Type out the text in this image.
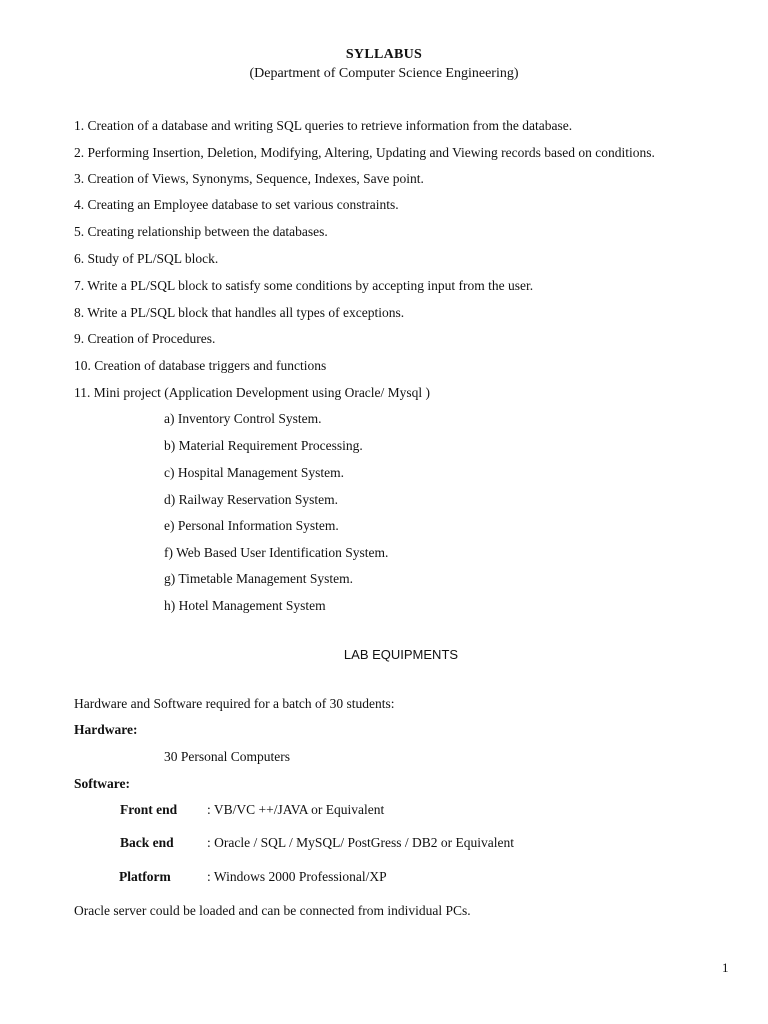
SYLLABUS
(Department of Computer Science Engineering)
1. Creation of a database and writing SQL queries to retrieve information from the database.
2. Performing Insertion, Deletion, Modifying, Altering, Updating and Viewing records based on conditions.
3. Creation of Views, Synonyms, Sequence, Indexes, Save point.
4. Creating an Employee database to set various constraints.
5. Creating relationship between the databases.
6. Study of PL/SQL block.
7. Write a PL/SQL block to satisfy some conditions by accepting input from the user.
8. Write a PL/SQL block that handles all types of exceptions.
9. Creation of Procedures.
10. Creation of database triggers and functions
11. Mini project (Application Development using Oracle/ Mysql )
a) Inventory Control System.
b) Material Requirement Processing.
c) Hospital Management System.
d) Railway Reservation System.
e) Personal Information System.
f) Web Based User Identification System.
g) Timetable Management System.
h) Hotel Management System
LAB EQUIPMENTS
Hardware and Software required for a batch of 30 students:
Hardware:
30 Personal Computers
Software:
Front end : VB/VC ++/JAVA or Equivalent
Back end : Oracle / SQL / MySQL/ PostGress / DB2 or Equivalent
Platform	: Windows 2000 Professional/XP
Oracle server could be loaded and can be connected from individual PCs.
1
